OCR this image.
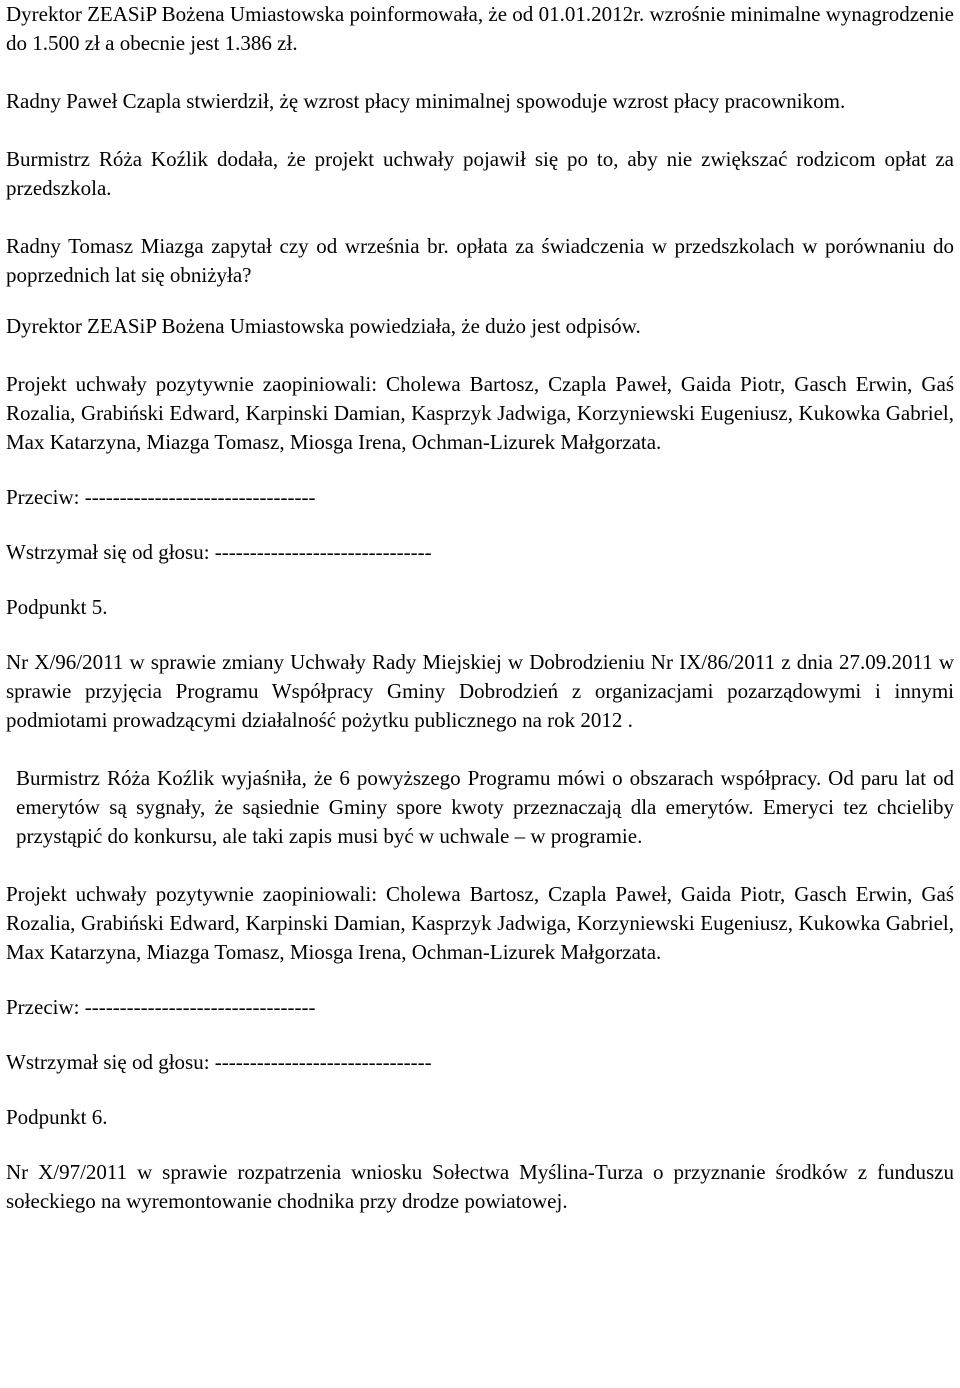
Dyrektor ZEASiP Bożena Umiastowska poinformowała, że od 01.01.2012r. wzrośnie minimalne wynagrodzenie do 1.500 zł a obecnie jest 1.386 zł.

Radny Paweł Czapla stwierdził, żę wzrost płacy minimalnej spowoduje wzrost płacy pracownikom.

Burmistrz Róża Koźlik dodała, że projekt uchwały pojawił się po to, aby nie zwiększać rodzicom opłat za przedszkola.

Radny Tomasz Miazga zapytał czy od września br. opłata za świadczenia w przedszkolach w porównaniu do poprzednich lat się obniżyła?

Dyrektor ZEASiP Bożena Umiastowska powiedziała, że dużo jest odpisów.

Projekt uchwały pozytywnie zaopiniowali: Cholewa Bartosz, Czapla Paweł, Gaida Piotr, Gasch Erwin, Gaś Rozalia, Grabiński Edward, Karpinski Damian, Kasprzyk Jadwiga, Korzyniewski Eugeniusz, Kukowka Gabriel, Max Katarzyna, Miazga Tomasz, Miosga Irena, Ochman-Lizurek Małgorzata.

Przeciw: ---------------------------------

Wstrzymał się od głosu: -------------------------------

Podpunkt 5.

Nr X/96/2011 w sprawie zmiany Uchwały Rady Miejskiej w Dobrodzieniu Nr IX/86/2011 z dnia 27.09.2011 w sprawie przyjęcia Programu Współpracy Gminy Dobrodzień z organizacjami pozarządowymi i innymi podmiotami prowadzącymi działalność pożytku publicznego na rok 2012 .

Burmistrz Róża Koźlik wyjaśniła, że 6 powyższego Programu mówi o obszarach współpracy. Od paru lat od emerytów są sygnały, że sąsiednie Gminy spore kwoty przeznaczają dla emerytów. Emeryci tez chcieliby przystąpić do konkursu, ale taki zapis musi być w uchwale – w programie.

Projekt uchwały pozytywnie zaopiniowali: Cholewa Bartosz, Czapla Paweł, Gaida Piotr, Gasch Erwin, Gaś Rozalia, Grabiński Edward, Karpinski Damian, Kasprzyk Jadwiga, Korzyniewski Eugeniusz, Kukowka Gabriel, Max Katarzyna, Miazga Tomasz, Miosga Irena, Ochman-Lizurek Małgorzata.

Przeciw: ---------------------------------

Wstrzymał się od głosu: -------------------------------

Podpunkt 6.

Nr X/97/2011 w sprawie rozpatrzenia wniosku Sołectwa Myślina-Turza o przyznanie środków z funduszu sołeckiego na wyremontowanie chodnika przy drodze powiatowej.
